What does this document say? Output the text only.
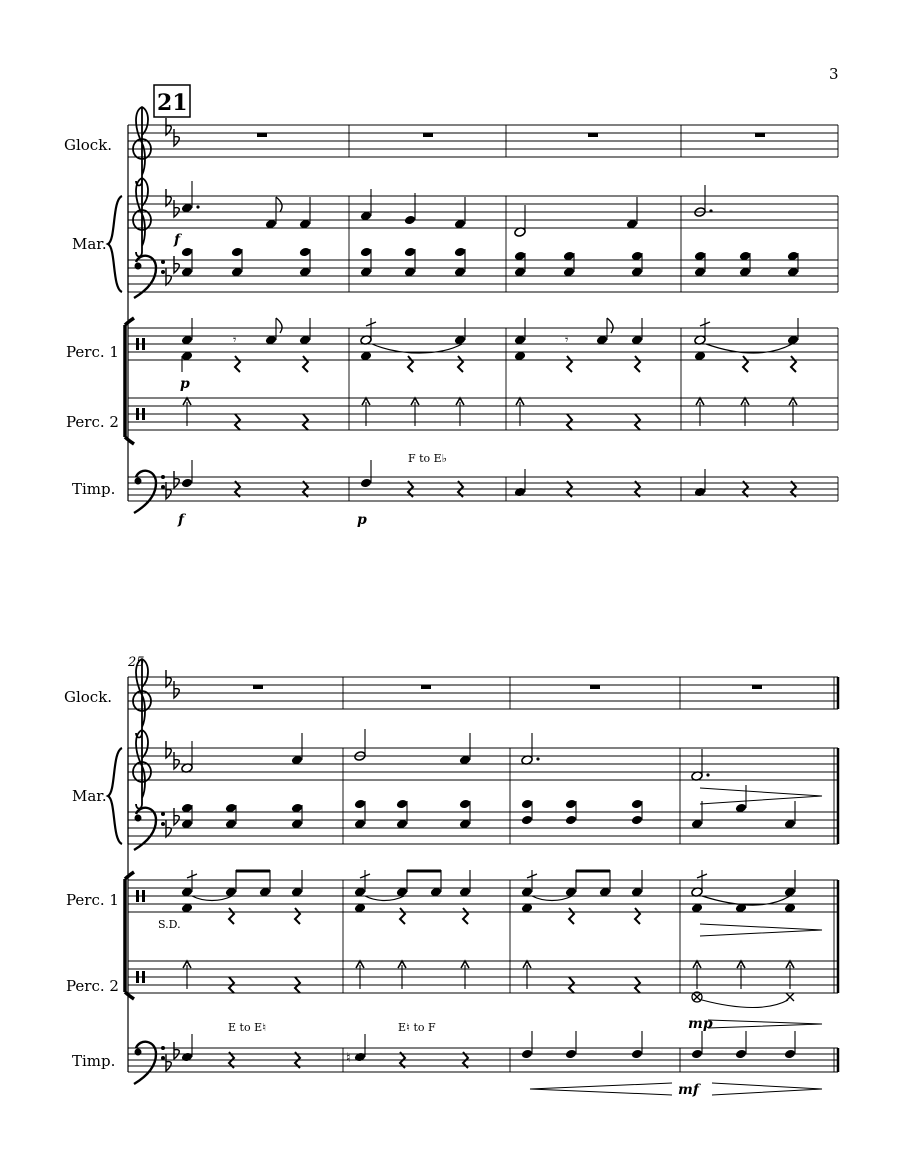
3
21
Glock.
Mar.	f
Perc. 1
Perc. 2
𝄾	𝄾
p
F to E♭
Timp.
f	p
25
Glock.
Mar.
Perc. 1
Perc. 2
S.D.
mp
E to E♮	E♮ to F
Timp.	♮
mf
